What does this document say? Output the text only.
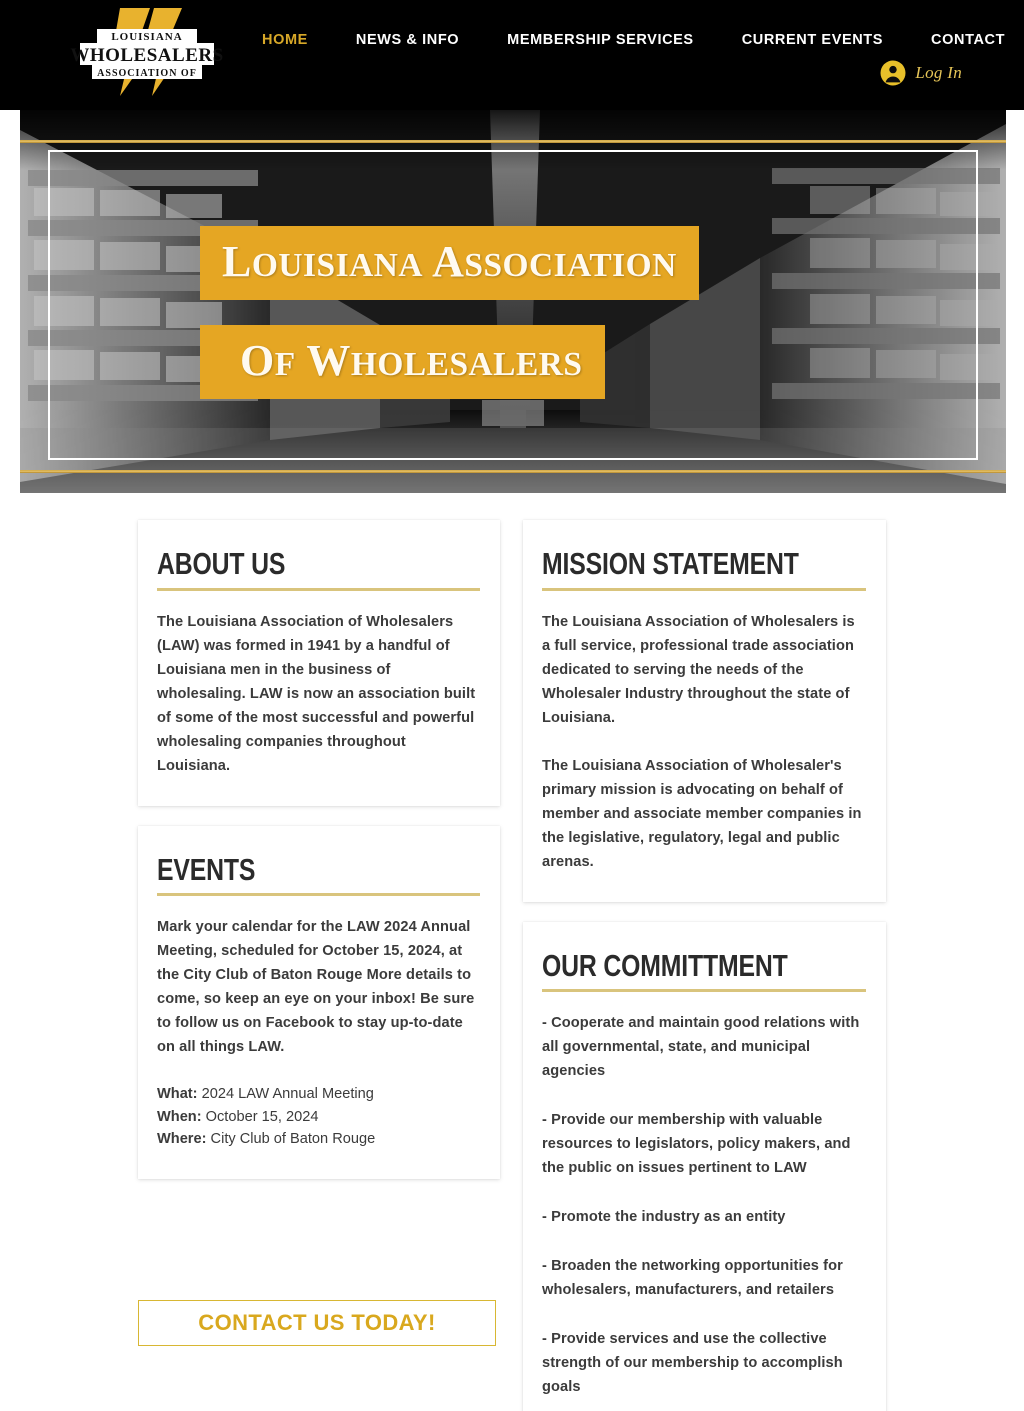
LOUISIANA
WHOLESALERS
ASSOCIATION OF
HOME	NEWS & INFO	MEMBERSHIP SERVICES	CURRENT EVENTS	CONTACT
Log In
LOUISIANA ASSOCIATION
OF WHOLESALERS
ABOUT US

The Louisiana Association of Wholesalers (LAW) was formed in 1941 by a handful of Louisiana men in the business of wholesaling. LAW is now an association built of some of the most successful and powerful wholesaling companies throughout Louisiana.

EVENTS

Mark your calendar for the LAW 2024 Annual Meeting, scheduled for October 15, 2024, at the City Club of Baton Rouge More details to come, so keep an eye on your inbox! Be sure to follow us on Facebook to stay up-to-date on all things LAW.

What: 2024 LAW Annual Meeting
When: October 15, 2024
Where: City Club of Baton Rouge
CONTACT US TODAY!
MISSION STATEMENT

The Louisiana Association of Wholesalers is a full service, professional trade association dedicated to serving the needs of the Wholesaler Industry throughout the state of Louisiana.

The Louisiana Association of Wholesaler's primary mission is advocating on behalf of member and associate member companies in the legislative, regulatory, legal and public arenas.

OUR COMMITTMENT

- Cooperate and maintain good relations with all governmental, state, and municipal agencies

- Provide our membership with valuable resources to legislators, policy makers, and the public on issues pertinent to LAW

- Promote the industry as an entity

- Broaden the networking opportunities for wholesalers, manufacturers, and retailers

- Provide services and use the collective strength of our membership to accomplish goals
